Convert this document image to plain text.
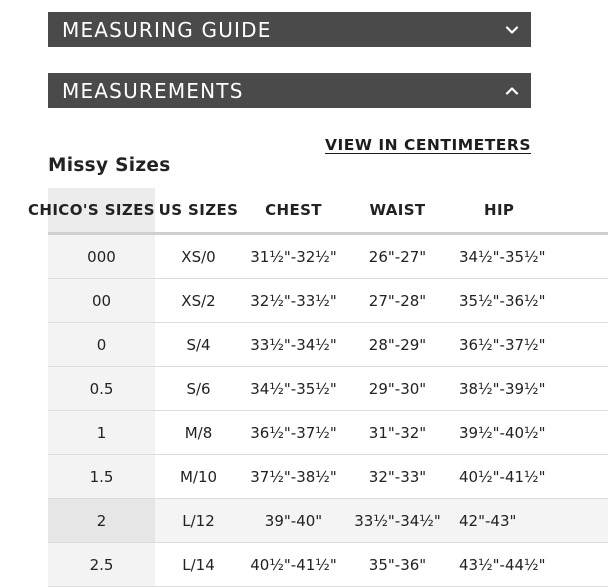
MEASURING GUIDE
MEASUREMENTS
VIEW IN CENTIMETERS
Missy Sizes
CHICO'S SIZES	US SIZES	CHEST	WAIST	HIP
000	XS/0	31½"-32½"	26"-27"	34½"-35½"
00	XS/2	32½"-33½"	27"-28"	35½"-36½"
0	S/4	33½"-34½"	28"-29"	36½"-37½"
0.5	S/6	34½"-35½"	29"-30"	38½"-39½"
1	M/8	36½"-37½"	31"-32"	39½"-40½"
1.5	M/10	37½"-38½"	32"-33"	40½"-41½"
2	L/12	39"-40"	33½"-34½"	42"-43"
2.5	L/14	40½"-41½"	35"-36"	43½"-44½"
